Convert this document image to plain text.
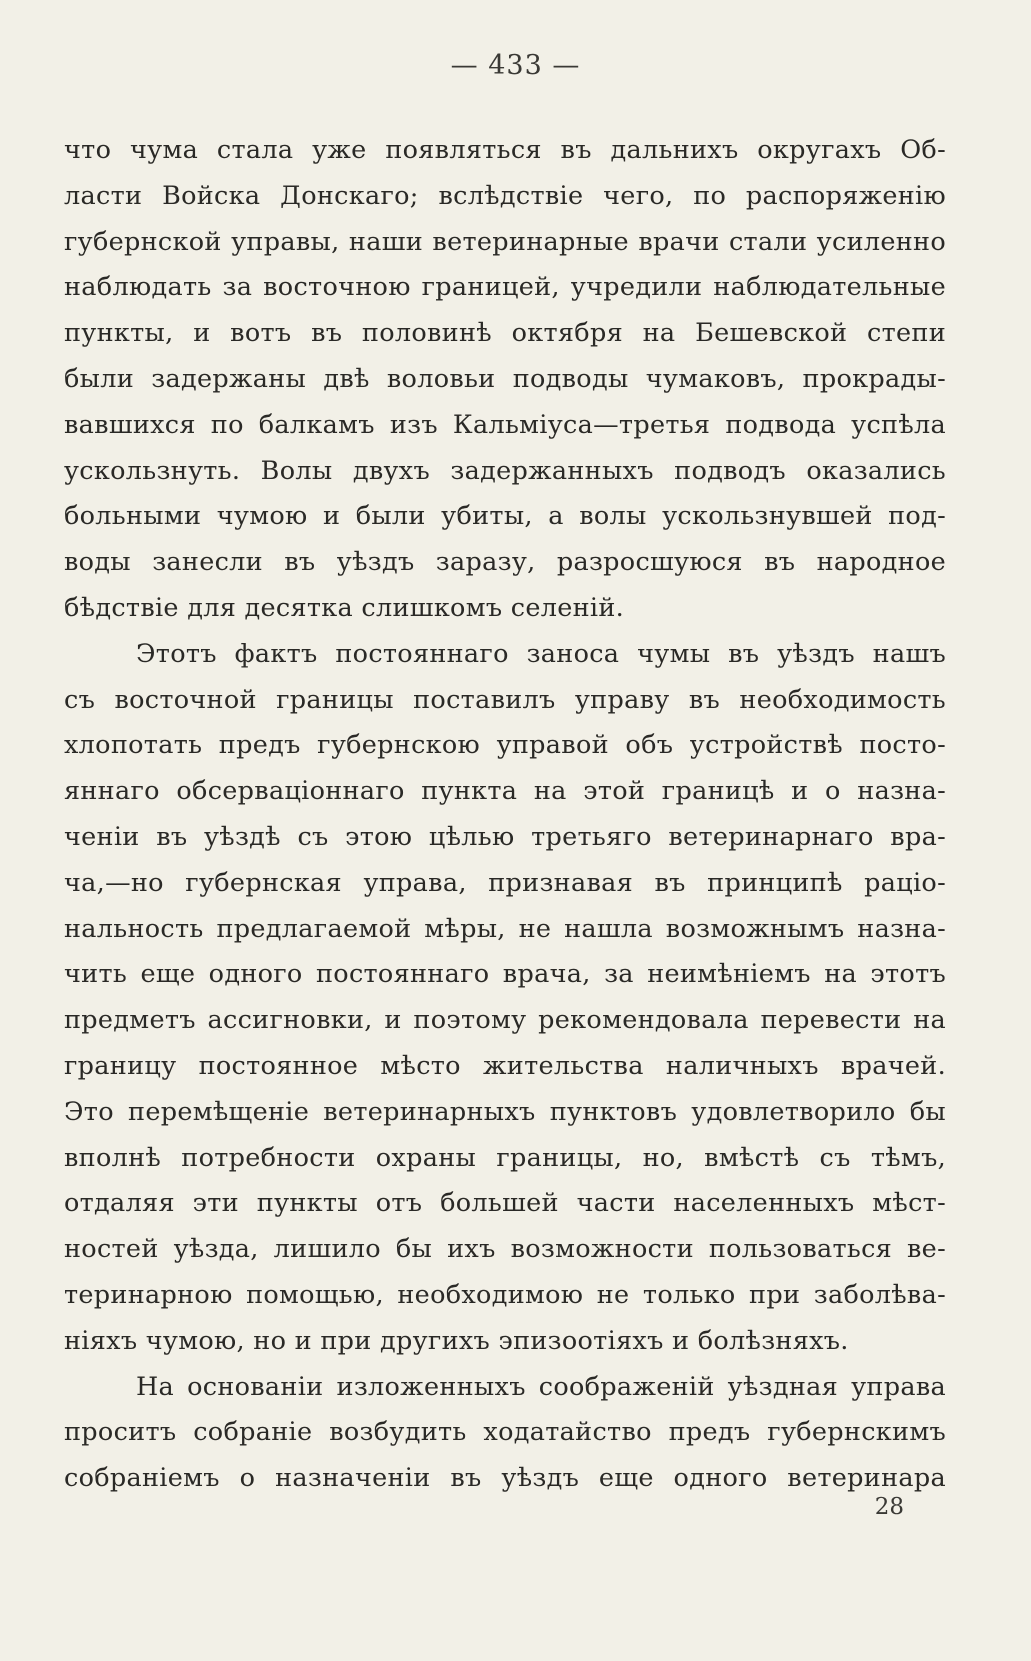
— 433 —
что чума стала уже появляться въ дальнихъ округахъ Об-
ласти Войска Донскаго; вслѣдствіе чего, по распоряженію
губернской управы, наши ветеринарные врачи стали усиленно
наблюдать за восточною границей, учредили наблюдательные
пункты, и вотъ въ половинѣ октября на Бешевской степи
были задержаны двѣ воловьи подводы чумаковъ, прокрады-
вавшихся по балкамъ изъ Кальміуса—третья подвода успѣла
ускользнуть. Волы двухъ задержанныхъ подводъ оказались
больными чумою и были убиты, а волы ускользнувшей под-
воды занесли въ уѣздъ заразу, разросшуюся въ народное
бѣдствіе для десятка слишкомъ селеній.
Этотъ фактъ постояннаго заноса чумы въ уѣздъ нашъ
съ восточной границы поставилъ управу въ необходимость
хлопотать предъ губернскою управой объ устройствѣ посто-
яннаго обсерваціоннаго пункта на этой границѣ и о назна-
ченіи въ уѣздѣ съ этою цѣлью третьяго ветеринарнаго вра-
ча,—но губернская управа, признавая въ принципѣ раціо-
нальность предлагаемой мѣры, не нашла возможнымъ назна-
чить еще одного постояннаго врача, за неимѣніемъ на этотъ
предметъ ассигновки, и поэтому рекомендовала перевести на
границу постоянное мѣсто жительства наличныхъ врачей.
Это перемѣщеніе ветеринарныхъ пунктовъ удовлетворило бы
вполнѣ потребности охраны границы, но, вмѣстѣ съ тѣмъ,
отдаляя эти пункты отъ большей части населенныхъ мѣст-
ностей уѣзда, лишило бы ихъ возможности пользоваться ве-
теринарною помощью, необходимою не только при заболѣва-
ніяхъ чумою, но и при другихъ эпизоотіяхъ и болѣзняхъ.
На основаніи изложенныхъ соображеній уѣздная управа
проситъ собраніе возбудить ходатайство предъ губернскимъ
собраніемъ о назначеніи въ уѣздъ еще одного ветеринара
28
